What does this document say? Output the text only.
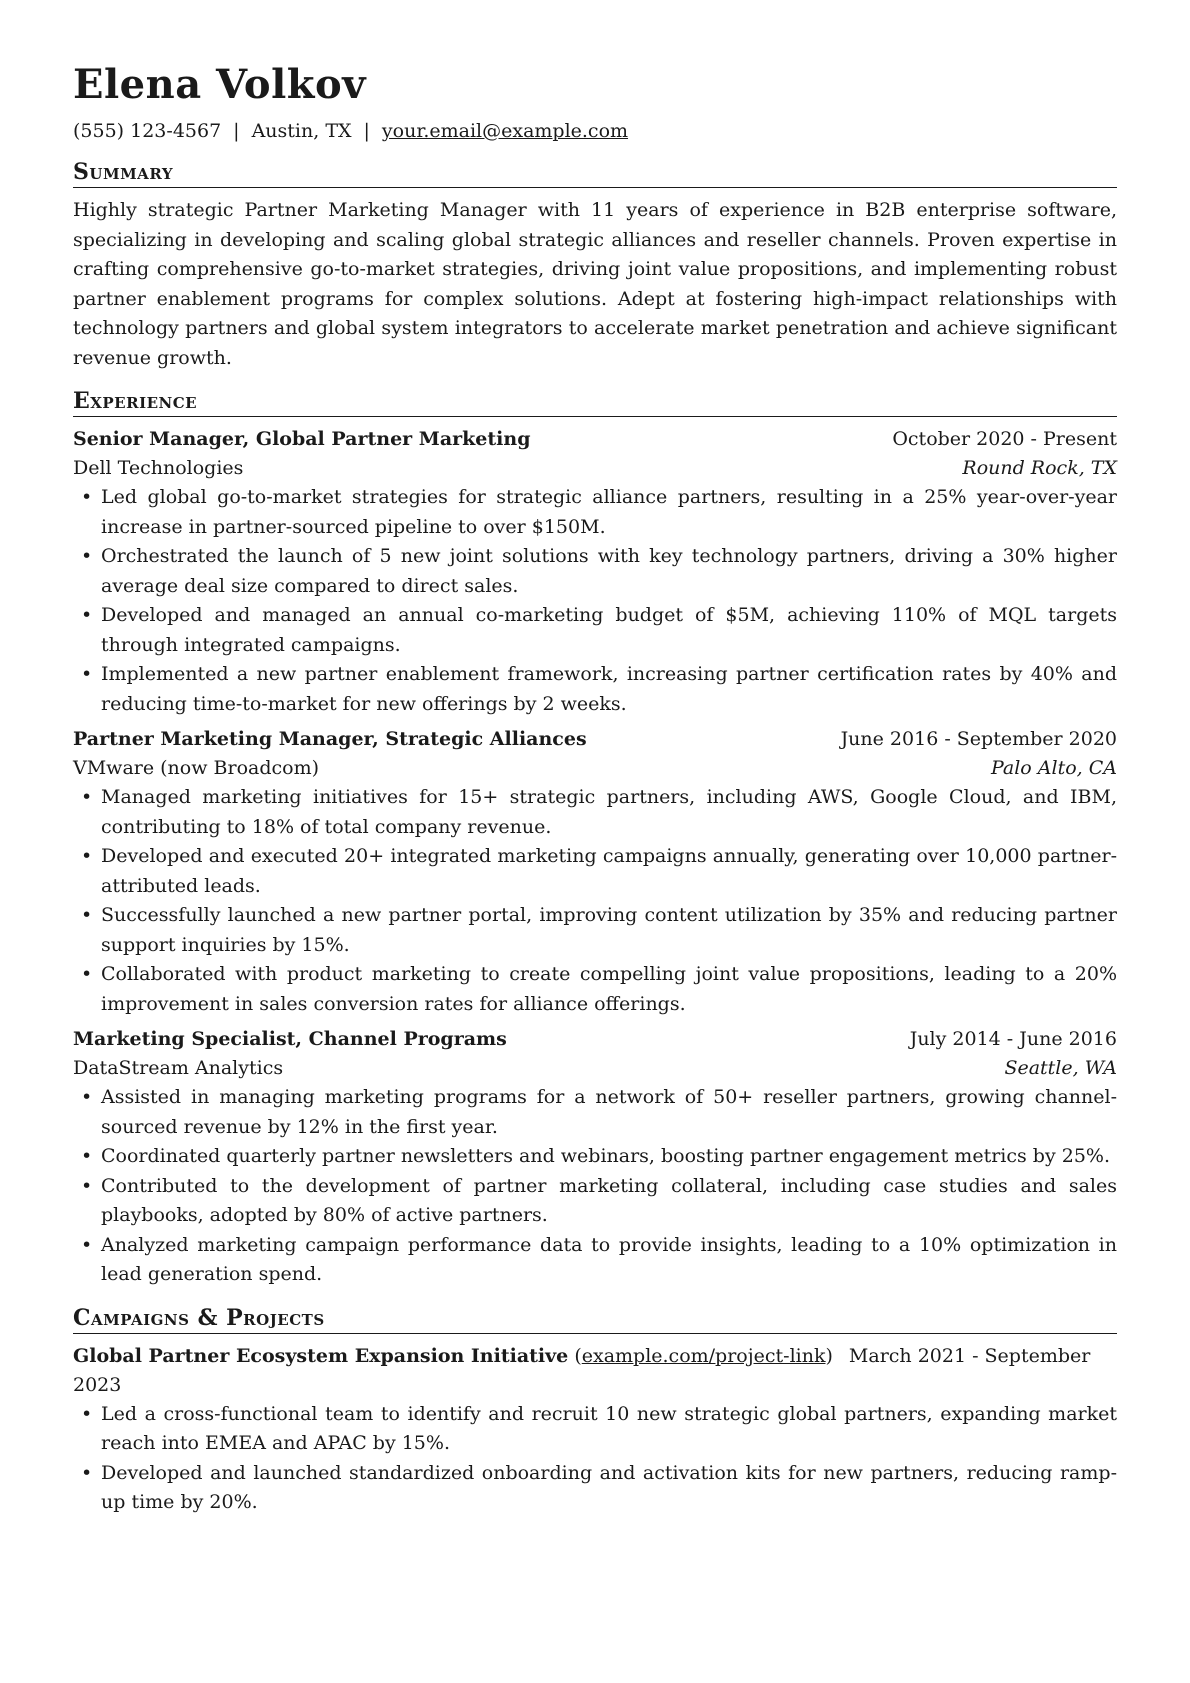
Elena Volkov
(555) 123-4567 | Austin, TX | your.email@example.com
Summary

Highly strategic Partner Marketing Manager with 11 years of experience in B2B enterprise software, specializing in developing and scaling global strategic alliances and reseller channels. Proven expertise in crafting comprehensive go-to-market strategies, driving joint value propositions, and implementing robust partner enablement programs for complex solutions. Adept at fostering high-impact relationships with technology partners and global system integrators to accelerate market penetration and achieve significant revenue growth.

Experience
Senior Manager, Global Partner Marketing	October 2020 - Present
Dell Technologies	Round Rock, TX
• Led global go-to-market strategies for strategic alliance partners, resulting in a 25% year-over-year increase in partner-sourced pipeline to over $150M.
• Orchestrated the launch of 5 new joint solutions with key technology partners, driving a 30% higher average deal size compared to direct sales.
• Developed and managed an annual co-marketing budget of $5M, achieving 110% of MQL targets through integrated campaigns.
• Implemented a new partner enablement framework, increasing partner certification rates by 40% and reducing time-to-market for new offerings by 2 weeks.
Partner Marketing Manager, Strategic Alliances	June 2016 - September 2020
VMware (now Broadcom)	Palo Alto, CA
• Managed marketing initiatives for 15+ strategic partners, including AWS, Google Cloud, and IBM, contributing to 18% of total company revenue.
• Developed and executed 20+ integrated marketing campaigns annually, generating over 10,000 partner-attributed leads.
• Successfully launched a new partner portal, improving content utilization by 35% and reducing partner support inquiries by 15%.
• Collaborated with product marketing to create compelling joint value propositions, leading to a 20% improvement in sales conversion rates for alliance offerings.
Marketing Specialist, Channel Programs	July 2014 - June 2016
DataStream Analytics	Seattle, WA
• Assisted in managing marketing programs for a network of 50+ reseller partners, growing channel-sourced revenue by 12% in the first year.
• Coordinated quarterly partner newsletters and webinars, boosting partner engagement metrics by 25%.
• Contributed to the development of partner marketing collateral, including case studies and sales playbooks, adopted by 80% of active partners.
• Analyzed marketing campaign performance data to provide insights, leading to a 10% optimization in lead generation spend.
Campaigns & Projects
Global Partner Ecosystem Expansion Initiative (example.com/project-link) March 2021 - September 2023
• Led a cross-functional team to identify and recruit 10 new strategic global partners, expanding market reach into EMEA and APAC by 15%.
• Developed and launched standardized onboarding and activation kits for new partners, reducing ramp-up time by 20%.
